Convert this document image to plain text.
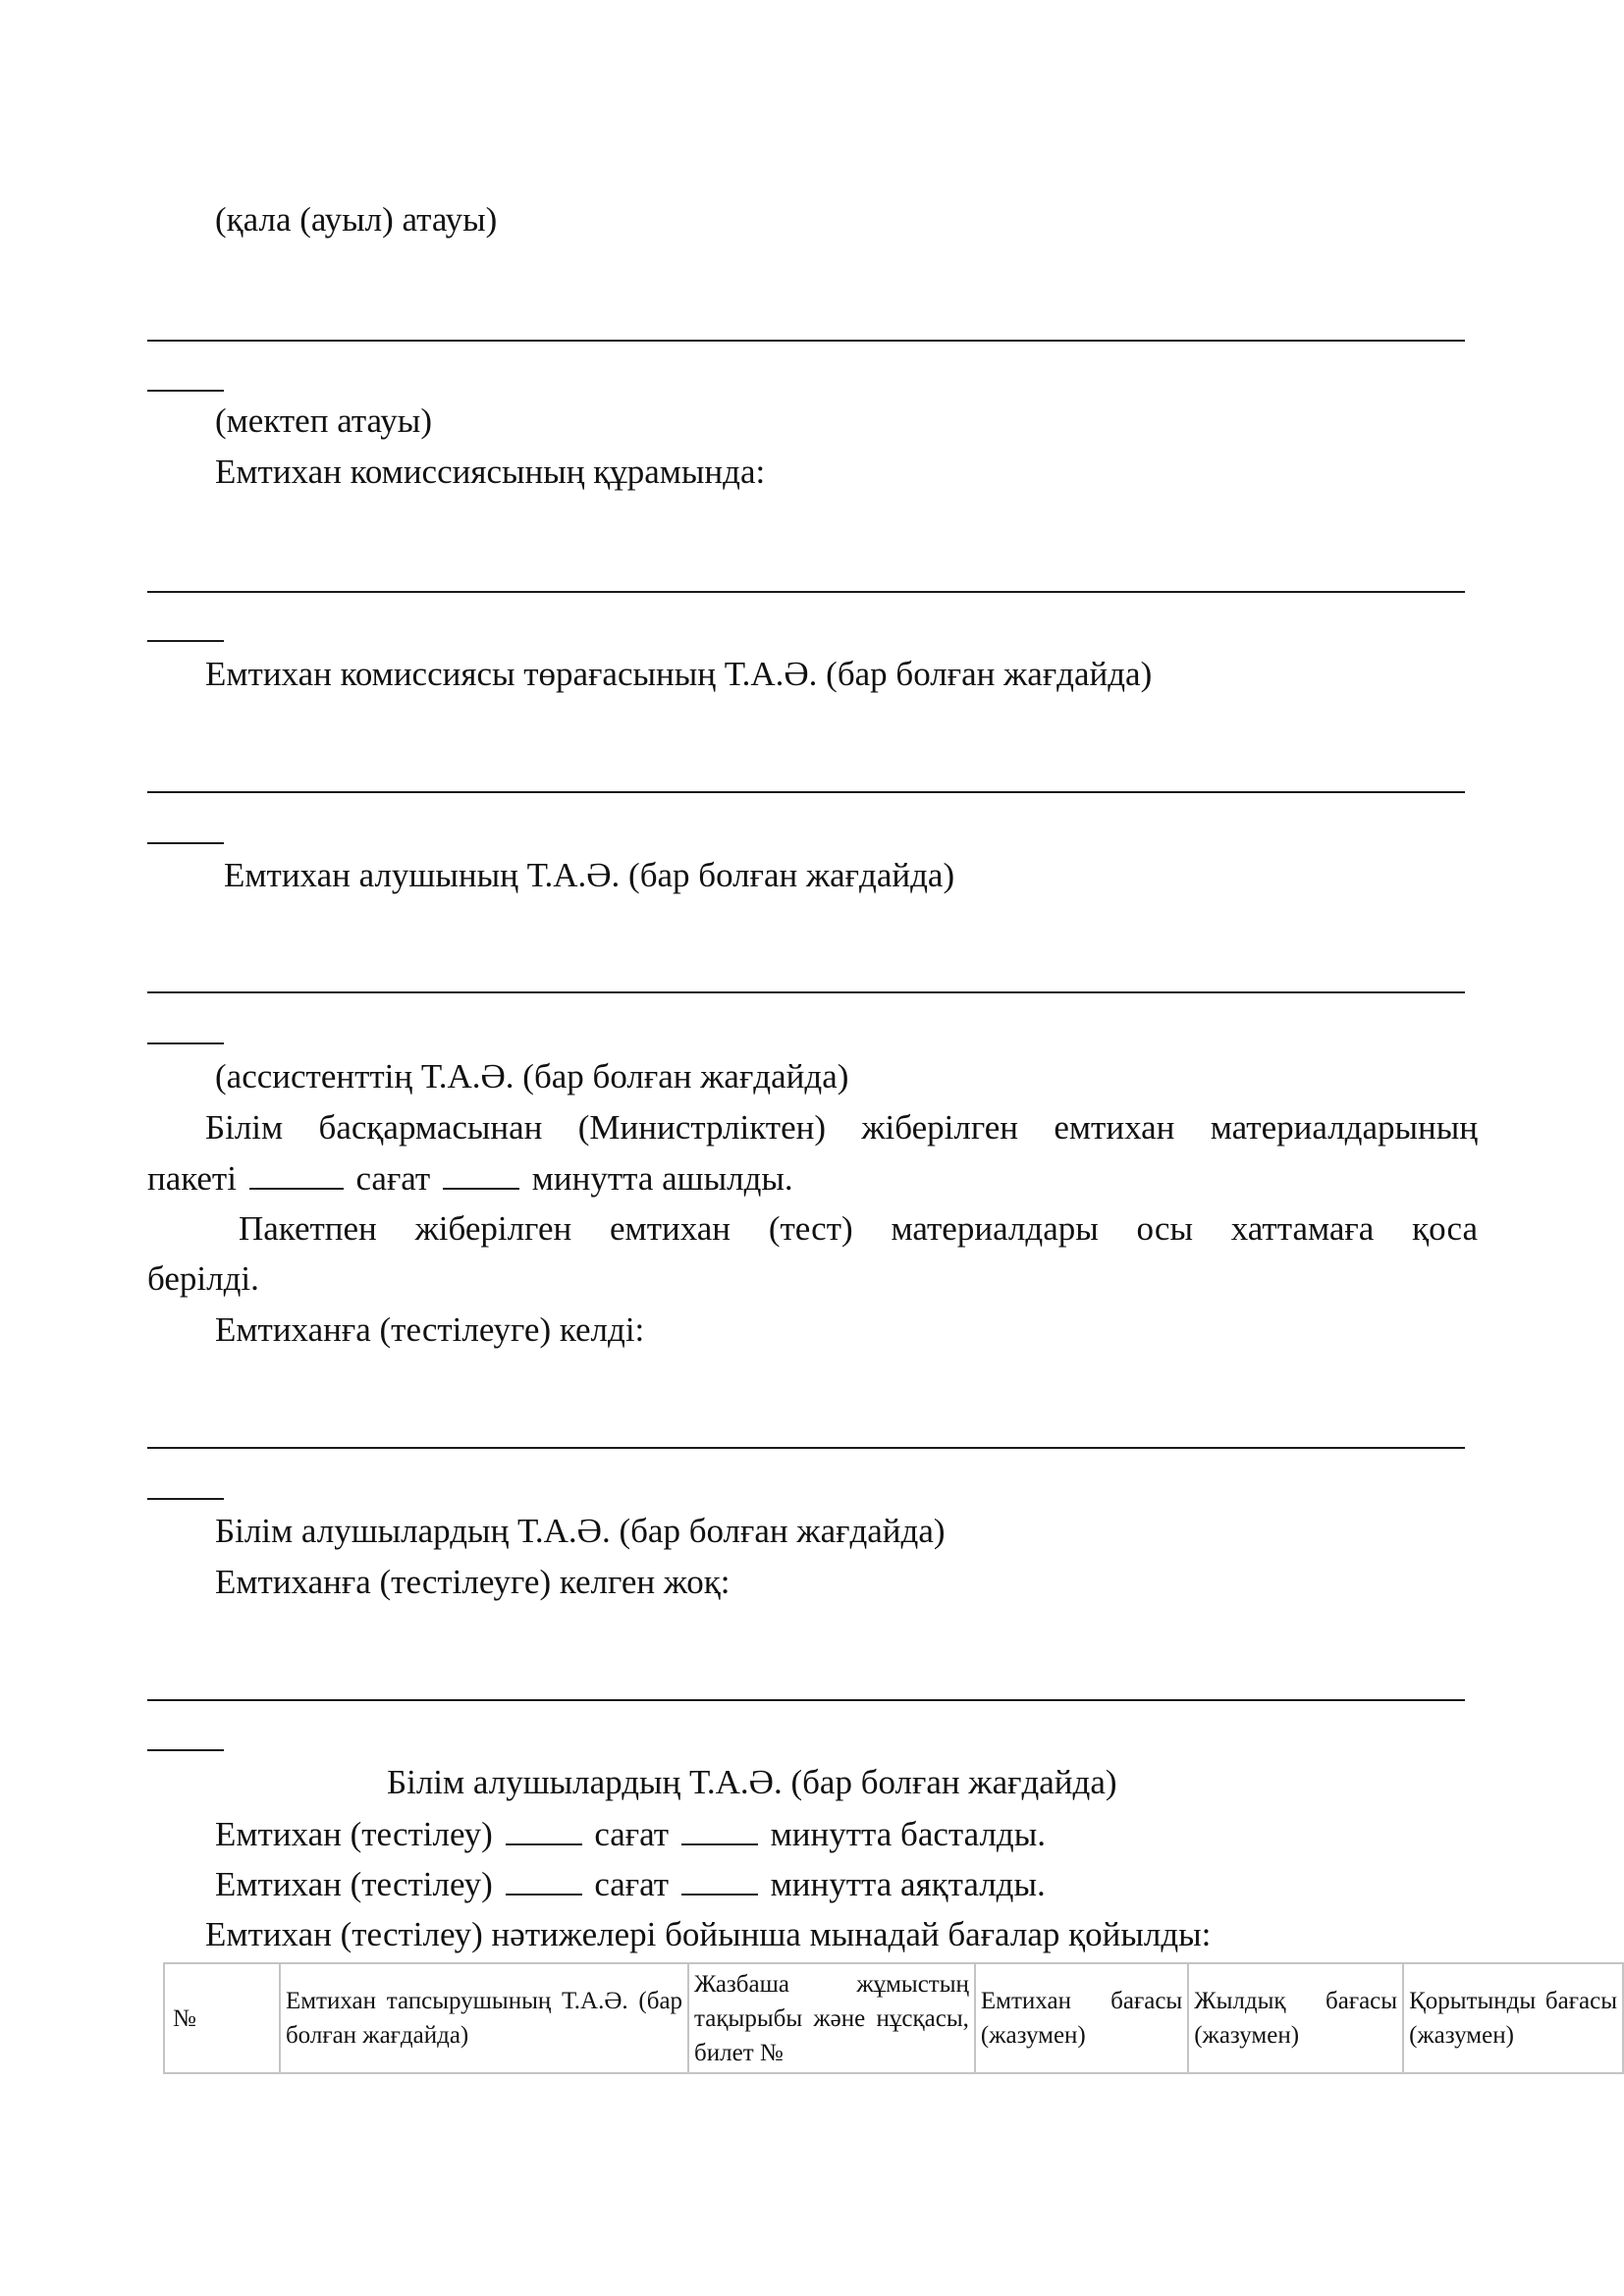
(қала (ауыл) атауы)
(мектеп атауы)
Емтихан комиссиясының құрамында:
Емтихан комиссиясы төрағасының Т.А.Ә. (бар болған жағдайда)
Емтихан алушының Т.А.Ә. (бар болған жағдайда)
(ассистенттің Т.А.Ә. (бар болған жағдайда)
Білім басқармасынан (Министрліктен) жіберілген емтихан материалдарының
пакеті	сағат	минутта ашылды.
Пакетпен жіберілген емтихан (тест) материалдары осы хаттамаға қоса
берілді.
Емтиханға (тестілеуге) келді:
Білім алушылардың Т.А.Ә. (бар болған жағдайда)
Емтиханға (тестілеуге) келген жоқ:
Білім алушылардың Т.А.Ә. (бар болған жағдайда)
Емтихан (тестілеу)	сағат	минутта басталды.
Емтихан (тестілеу)	сағат	минутта аяқталды.
Емтихан (тестілеу) нәтижелері бойынша мынадай бағалар қойылды:
№	Емтихан тапсырушының Т.А.Ә. (бар болған жағдайда)	Жазбаша жұмыстың тақырыбы және нұсқасы, билет №	Емтихан бағасы (жазумен)	Жылдық бағасы (жазумен)	Қорытынды бағасы (жазумен)
